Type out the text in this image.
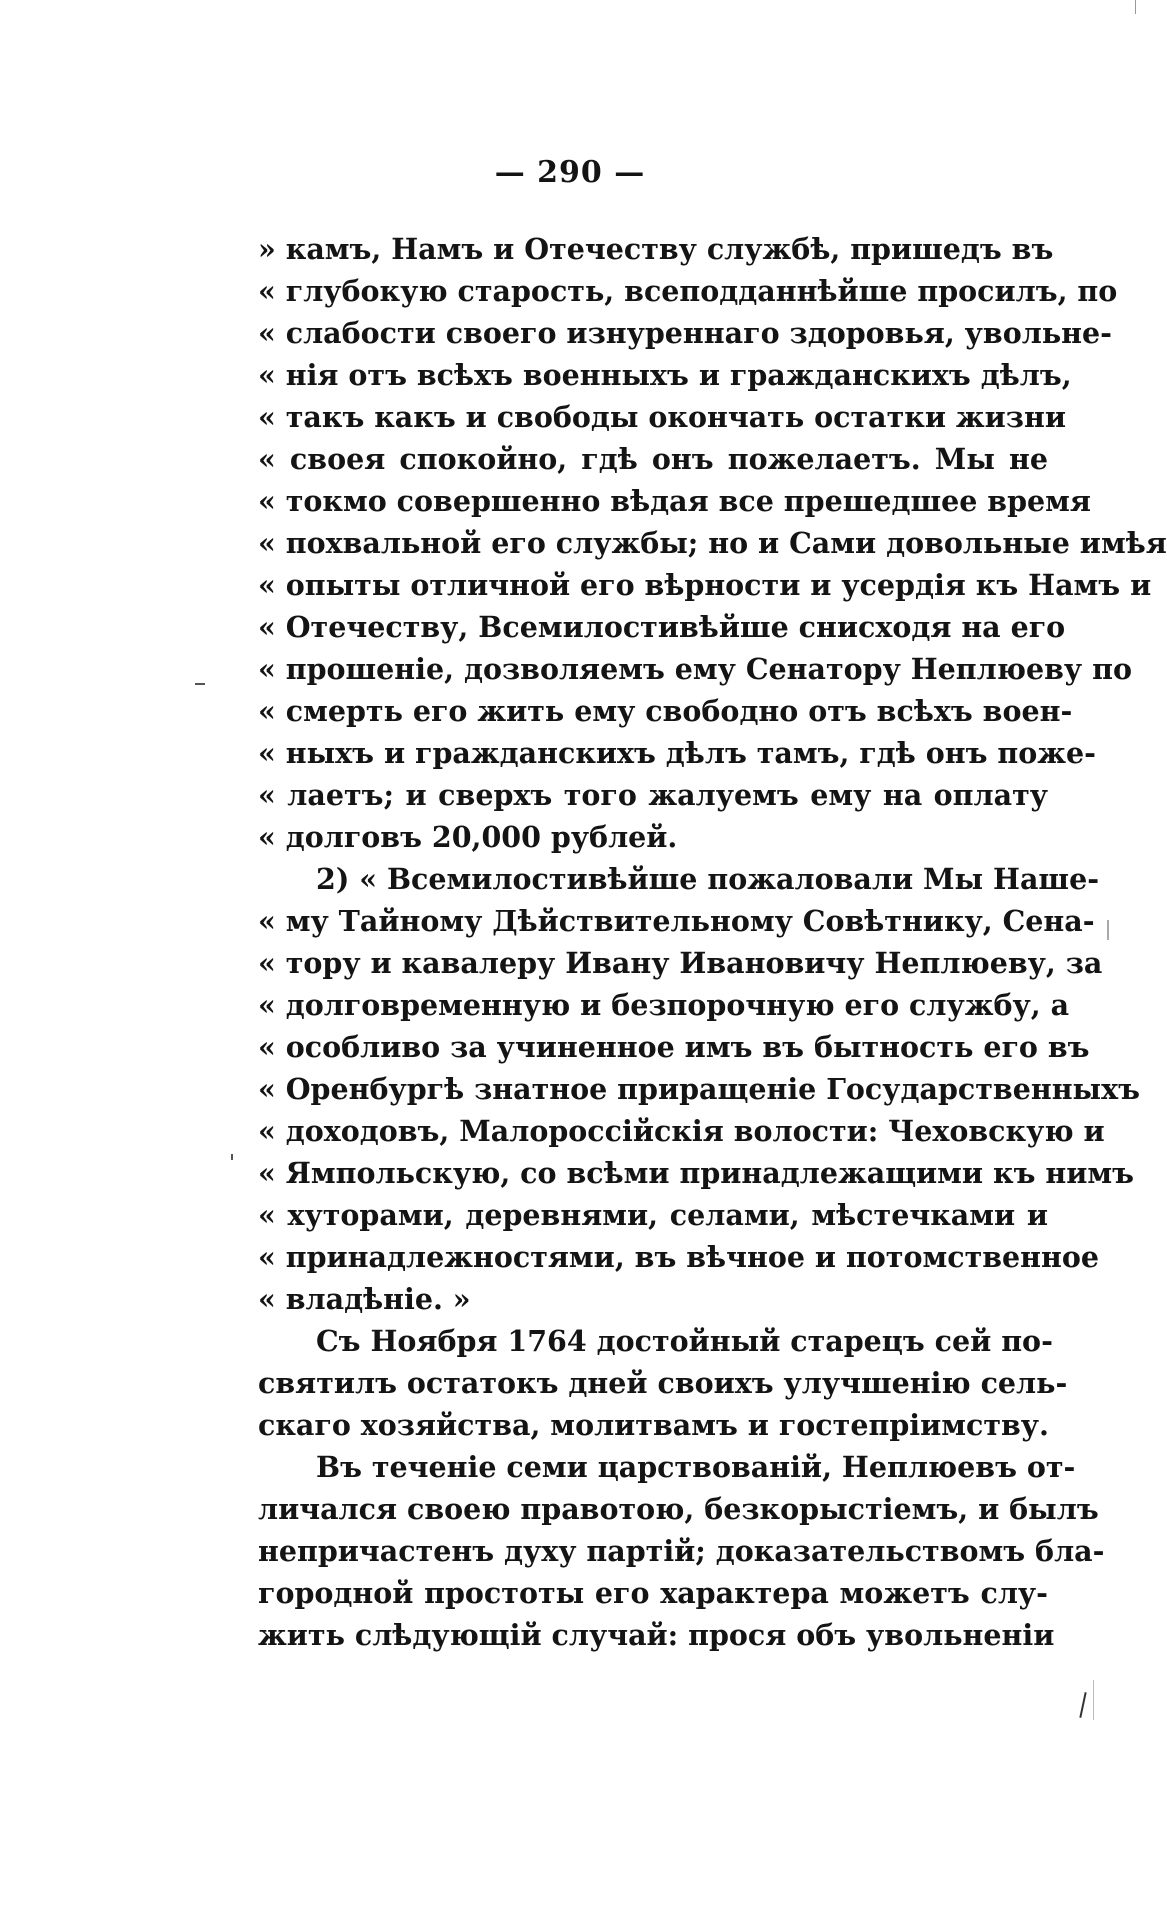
— 290 —
» камъ, Намъ и Отечеству службѣ, пришедъ въ
« глубокую старость, всеподданнѣйше просилъ, по
« слабости своего изнуреннаго здоровья, увольне-
« нія отъ всѣхъ военныхъ и гражданскихъ дѣлъ,
« такъ какъ и свободы окончать остатки жизни
« своея спокойно, гдѣ онъ пожелаетъ. Мы не
« токмо совершенно вѣдая все прешедшее время
« похвальной его службы; но и Сами довольные имѣя
« опыты отличной его вѣрности и усердія къ Намъ и
« Отечеству, Всемилостивѣйше снисходя на его
« прошеніе, дозволяемъ ему Сенатору Неплюеву по
« смерть его жить ему свободно отъ всѣхъ воен-
« ныхъ и гражданскихъ дѣлъ тамъ, гдѣ онъ поже-
« лаетъ; и сверхъ того жалуемъ ему на оплату
« долговъ 20,000 рублей.
2) « Всемилостивѣйше пожаловали Мы Наше-
« му Тайному Дѣйствительному Совѣтнику, Сена-
« тору и кавалеру Ивану Ивановичу Неплюеву, за
« долговременную и безпорочную его службу, а
« особливо за учиненное имъ въ бытность его въ
« Оренбургѣ знатное приращеніе Государственныхъ
« доходовъ, Малороссійскія волости: Чеховскую и
« Ямпольскую, со всѣми принадлежащими къ нимъ
« хуторами, деревнями, селами, мѣстечками и
« принадлежностями, въ вѣчное и потомственное
« владѣніе. »
Съ Ноября 1764 достойный старецъ сей по-
святилъ остатокъ дней своихъ улучшенію сель-
скаго хозяйства, молитвамъ и гостепріимству.
Въ теченіе семи царствованій, Неплюевъ от-
личался своею правотою, безкорыстіемъ, и былъ
непричастенъ духу партій; доказательствомъ бла-
городной простоты его характера можетъ слу-
жить слѣдующій случай: прося объ увольненіи
